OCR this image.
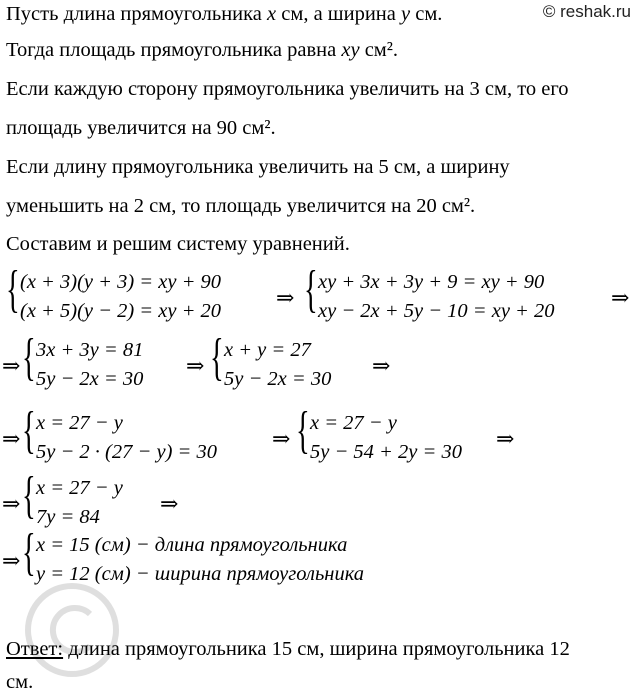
© reshak.ru
Пусть длина прямоугольника x см, а ширина y см.
Тогда площадь прямоугольника равна xy см².
Если каждую сторону прямоугольника увеличить на 3 см, то его
площадь увеличится на 90 см².
Если длину прямоугольника увеличить на 5 см, а ширину
уменьшить на 2 см, то площадь увеличится на 20 см².
Составим и решим систему уравнений.
{ (x + 3)(y + 3) = xy + 90
(x + 5)(y − 2) = xy + 20
⇒ { xy + 3x + 3y + 9 = xy + 90
xy − 2x + 5y − 10 = xy + 20
⇒
⇒ { 3x + 3y = 81
5y − 2x = 30
⇒ { x + y = 27
5y − 2x = 30
⇒
⇒ { x = 27 − y
5y − 2 · (27 − y) = 30
⇒ { x = 27 − y
5y − 54 + 2y = 30
⇒
⇒ { x = 27 − y
7y = 84
⇒
⇒ { x = 15 (см) − длина прямоугольника
y = 12 (см) − ширина прямоугольника
Ответ: длина прямоугольника 15 см, ширина прямоугольника 12
см.
